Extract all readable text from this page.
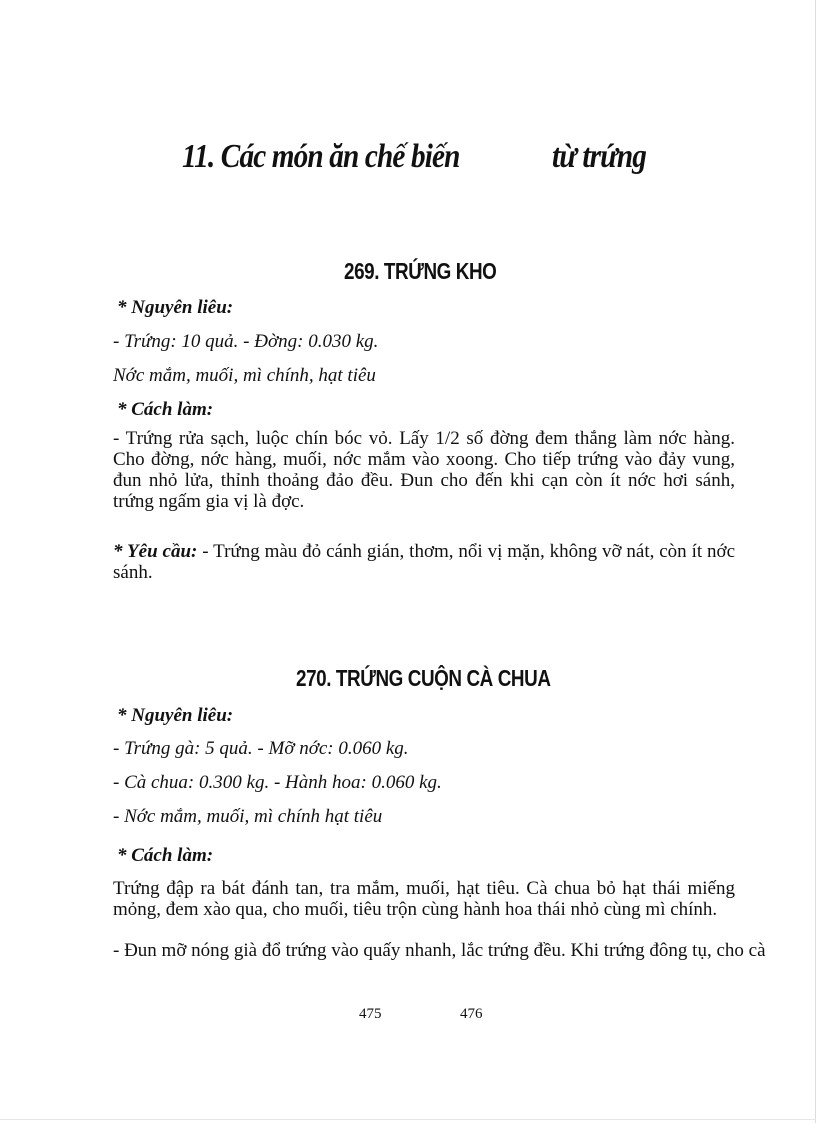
11. Các món ăn chế biến	từ trứng
269. TRỨNG KHO
* Nguyên liêu:
- Trứng: 10 quả. - Đờng: 0.030 kg.
Nớc mắm, muối, mì chính, hạt tiêu
* Cách làm:
- Trứng rửa sạch, luộc chín bóc vỏ. Lấy 1/2 số đờng đem thắng làm nớc hàng. Cho đờng, nớc hàng, muối, nớc mắm vào xoong. Cho tiếp trứng vào đảy vung, đun nhỏ lửa, thỉnh thoảng đảo đều. Đun cho đến khi cạn còn ít nớc hơi sánh, trứng ngấm gia vị là đợc.
* Yêu cầu: - Trứng màu đỏ cánh gián, thơm, nổi vị mặn, không vỡ nát, còn ít nớc sánh.
270. TRỨNG CUỘN CÀ CHUA
* Nguyên liêu:
- Trứng gà: 5 quả. - Mỡ nớc: 0.060 kg.
- Cà chua: 0.300 kg. - Hành hoa: 0.060 kg.
- Nớc mắm, muối, mì chính hạt tiêu
* Cách làm:
Trứng đập ra bát đánh tan, tra mắm, muối, hạt tiêu. Cà chua bỏ hạt thái miếng mỏng, đem xào qua, cho muối, tiêu trộn cùng hành hoa thái nhỏ cùng mì chính.
- Đun mỡ nóng già đổ trứng vào quấy nhanh, lắc trứng đều. Khi trứng đông tụ, cho cà
475	476
